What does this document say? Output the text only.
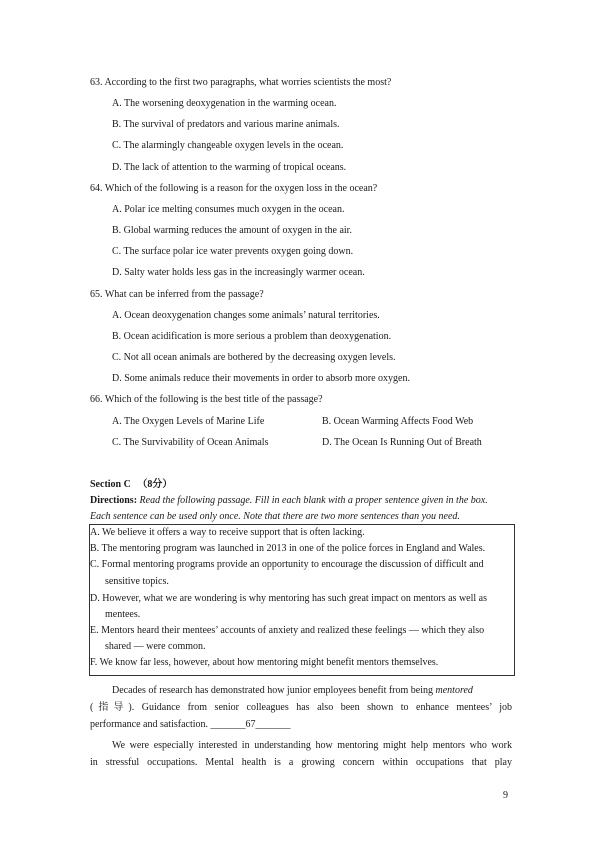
63. According to the first two paragraphs, what worries scientists the most?
A. The worsening deoxygenation in the warming ocean.
B. The survival of predators and various marine animals.
C. The alarmingly changeable oxygen levels in the ocean.
D. The lack of attention to the warming of tropical oceans.
64. Which of the following is a reason for the oxygen loss in the ocean?
A. Polar ice melting consumes much oxygen in the ocean.
B. Global warming reduces the amount of oxygen in the air.
C. The surface polar ice water prevents oxygen going down.
D. Salty water holds less gas in the increasingly warmer ocean.
65. What can be inferred from the passage?
A. Ocean deoxygenation changes some animals’ natural territories.
B. Ocean acidification is more serious a problem than deoxygenation.
C. Not all ocean animals are bothered by the decreasing oxygen levels.
D. Some animals reduce their movements in order to absorb more oxygen.
66. Which of the following is the best title of the passage?
A. The Oxygen Levels of Marine Life	B. Ocean Warming Affects Food Web
C. The Survivability of Ocean Animals	D. The Ocean Is Running Out of Breath
Section C （8分）
Directions: Read the following passage. Fill in each blank with a proper sentence given in the box.
Each sentence can be used only once. Note that there are two more sentences than you need.
A. We believe it offers a way to receive support that is often lacking.
B. The mentoring program was launched in 2013 in one of the police forces in England and Wales.
C. Formal mentoring programs provide an opportunity to encourage the discussion of difficult and
sensitive topics.
D. However, what we are wondering is why mentoring has such great impact on mentors as well as
mentees.
E. Mentors heard their mentees’ accounts of anxiety and realized these feelings — which they also
shared — were common.
F. We know far less, however, about how mentoring might benefit mentors themselves.
Decades of research has demonstrated how junior employees benefit from being mentored
(指导). Guidance from senior colleagues has also been shown to enhance mentees’ job
performance and satisfaction. _______67_______
We were especially interested in understanding how mentoring might help mentors who work
in stressful occupations. Mental health is a growing concern within occupations that play
9
